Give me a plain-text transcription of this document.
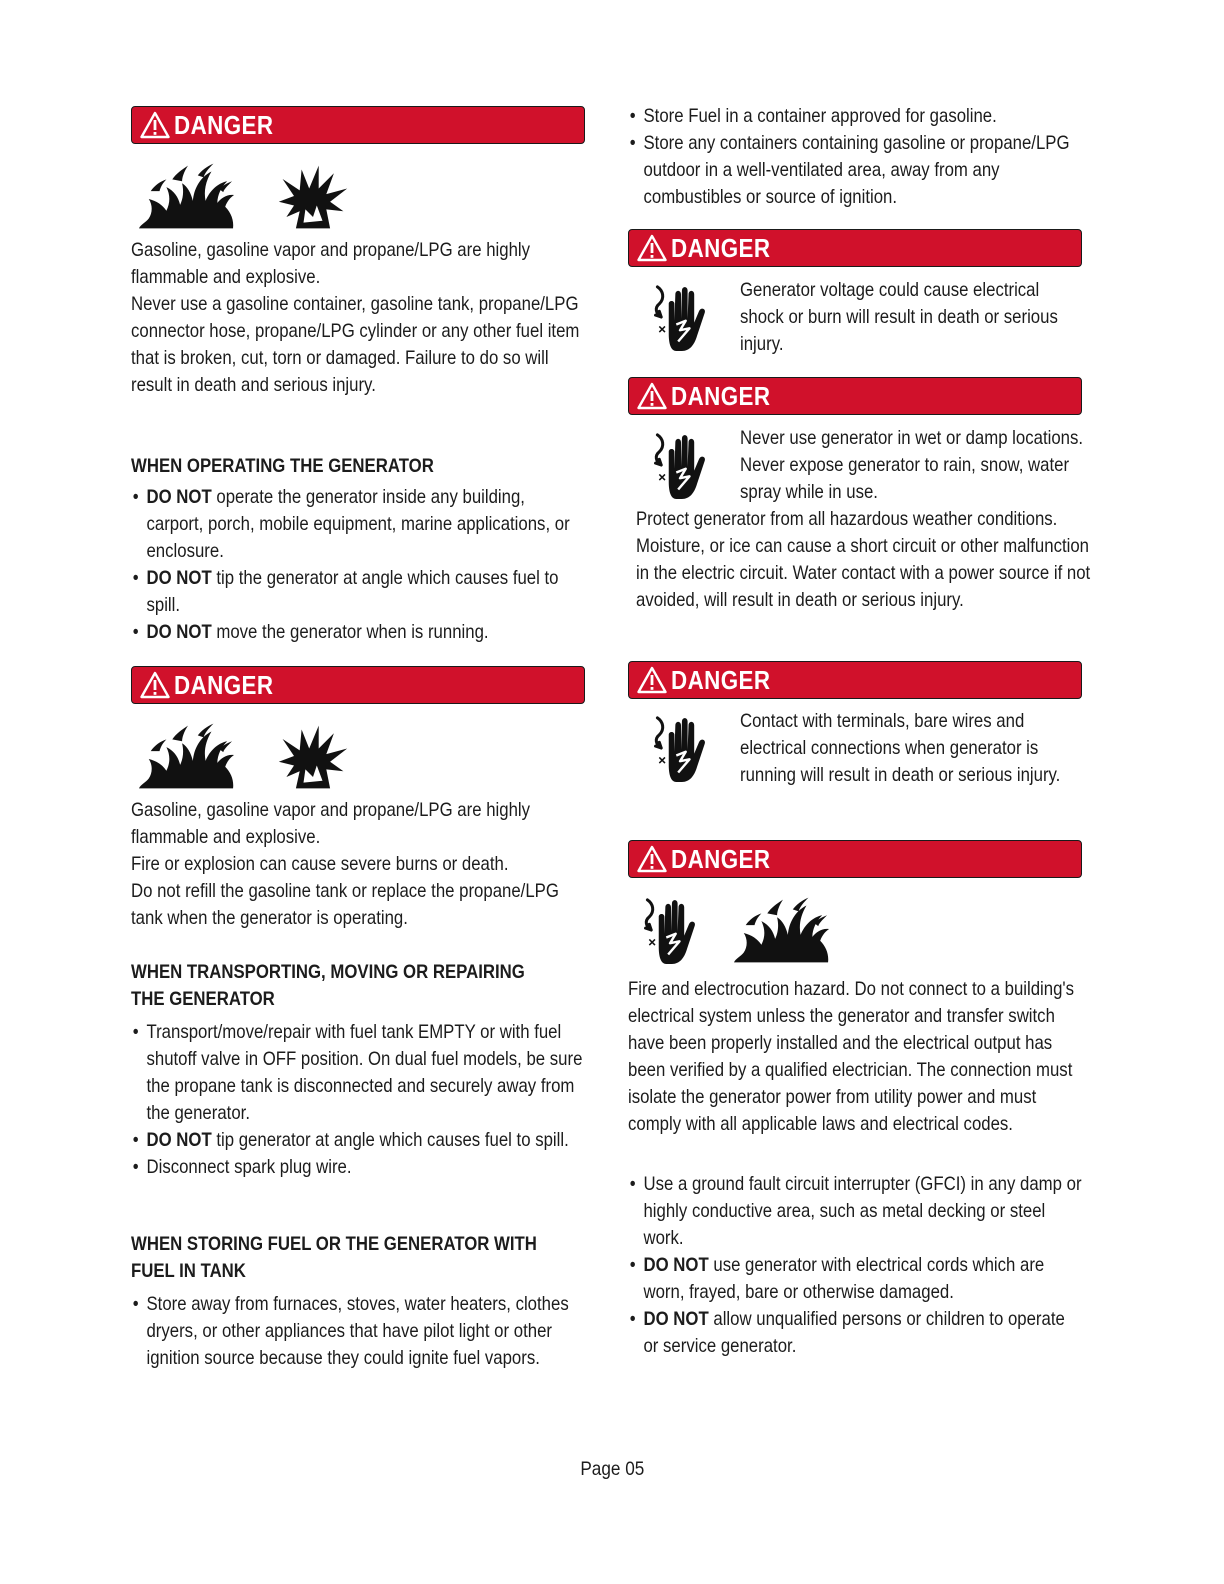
DANGER
Gasoline, gasoline vapor and propane/LPG are highly flammable and explosive.
Never use a gasoline container, gasoline tank, propane/LPG connector hose, propane/LPG cylinder or any other fuel item that is broken, cut, torn or damaged. Failure to do so will result in death and serious injury.
WHEN OPERATING THE GENERATOR
• DO NOT operate the generator inside any building, carport, porch, mobile equipment, marine applications, or enclosure.
• DO NOT tip the generator at angle which causes fuel to spill.
• DO NOT move the generator when is running.
DANGER
Gasoline, gasoline vapor and propane/LPG are highly flammable and explosive.
Fire or explosion can cause severe burns or death.
Do not refill the gasoline tank or replace the propane/LPG tank when the generator is operating.
WHEN TRANSPORTING, MOVING OR REPAIRING
THE GENERATOR
• Transport/move/repair with fuel tank EMPTY or with fuel shutoff valve in OFF position. On dual fuel models, be sure the propane tank is disconnected and securely away from the generator.
• DO NOT tip generator at angle which causes fuel to spill.
• Disconnect spark plug wire.
WHEN STORING FUEL OR THE GENERATOR WITH
FUEL IN TANK
• Store away from furnaces, stoves, water heaters, clothes dryers, or other appliances that have pilot light or other ignition source because they could ignite fuel vapors.
• Store Fuel in a container approved for gasoline.
• Store any containers containing gasoline or propane/LPG outdoor in a well-ventilated area, away from any combustibles or source of ignition.
DANGER
Generator voltage could cause electrical shock or burn will result in death or serious injury.
DANGER
Never use generator in wet or damp locations. Never expose generator to rain, snow, water spray while in use.
Protect generator from all hazardous weather conditions. Moisture, or ice can cause a short circuit or other malfunction in the electric circuit. Water contact with a power source if not avoided, will result in death or serious injury.
DANGER
Contact with terminals, bare wires and electrical connections when generator is running will result in death or serious injury.
DANGER
Fire and electrocution hazard. Do not connect to a building's electrical system unless the generator and transfer switch have been properly installed and the electrical output has been verified by a qualified electrician. The connection must isolate the generator power from utility power and must comply with all applicable laws and electrical codes.
• Use a ground fault circuit interrupter (GFCI) in any damp or highly conductive area, such as metal decking or steel work.
• DO NOT use generator with electrical cords which are worn, frayed, bare or otherwise damaged.
• DO NOT allow unqualified persons or children to operate or service generator.
Page 05
